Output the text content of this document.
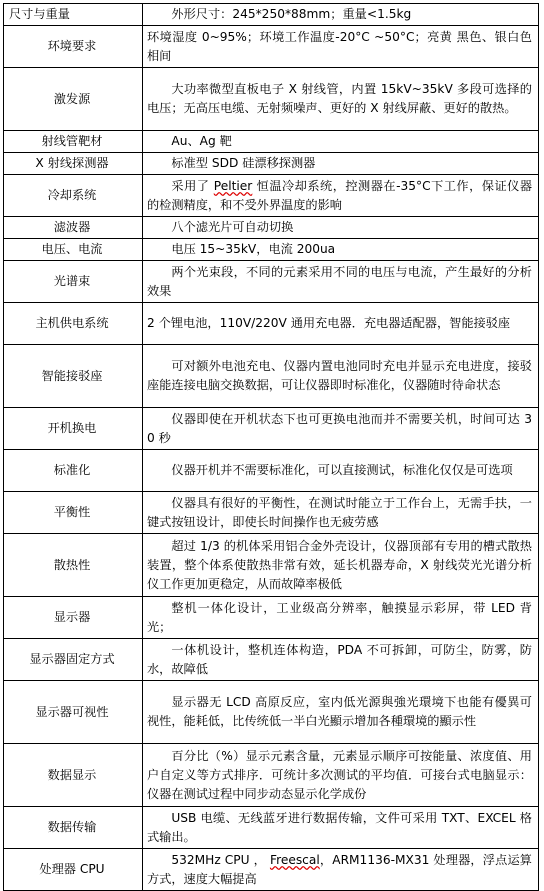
尺寸与重量	外形尺寸：245*250*88mm；重量<1.5kg
环境要求	环境湿度 0~95%；环境工作温度-20°C ~50°C；亮黄 黑色、银白色相间
激发源	大功率微型直板电子 X 射线管，内置 15kV~35kV 多段可选择的电压；无高压电缆、无射频噪声、更好的 X 射线屏蔽、更好的散热。
射线管靶材	Au、Ag 靶
X 射线探测器	标准型 SDD 硅漂移探测器
冷却系统	采用了 Peltier 恒温冷却系统，控测器在-35°C下工作，保证仪器的检测精度，和不受外界温度的影响
滤波器	八个滤光片可自动切换
电压、电流	电压 15~35kV，电流 200ua
光谱束	两个光束段，不同的元素采用不同的电压与电流，产生最好的分析效果
主机供电系统	2 个锂电池，110V/220V 通用充电器．充电器适配器，智能接驳座
智能接驳座	可对额外电池充电、仪器内置电池同时充电并显示充电进度，接驳座能连接电脑交换数据，可让仪器即时标准化，仪器随时待命状态
开机换电	仪器即使在开机状态下也可更换电池而并不需要关机，时间可达 30 秒
标准化	仪器开机并不需要标准化，可以直接测试，标准化仅仅是可选项
平衡性	仪器具有很好的平衡性，在测试时能立于工作台上，无需手扶，一键式按钮设计，即使长时间操作也无疲劳感
散热性	超过 1/3 的机体采用铝合金外壳设计，仪器顶部有专用的槽式散热装置，整个体系使散热非常有效，延长机器寿命，X 射线荧光光谱分析仪工作更加更稳定，从而故障率极低
显示器	整机一体化设计，工业级高分辨率，触摸显示彩屏，带 LED 背光；
显示器固定方式	一体机设计，整机连体构造，PDA 不可拆卸，可防尘，防雾，防水，故障低
显示器可视性	显示器无 LCD 高原反应，室内低光源與強光環境下也能有優異可视性，能耗低，比传统低一半白光顯示增加各種環境的顯示性
数据显示	百分比（%）显示元素含量，元素显示顺序可按能量、浓度值、用户自定义等方式排序．可统计多次测试的平均值．可接台式电脑显示：仪器在测试过程中同步动态显示化学成份
数据传输	USB 电缆、无线蓝牙进行数据传输，文件可采用 TXT、EXCEL 格式输出。
处理器 CPU	532MHz CPU ， Freescal，ARM1136-MX31 处理器，浮点运算方式，速度大幅提高
